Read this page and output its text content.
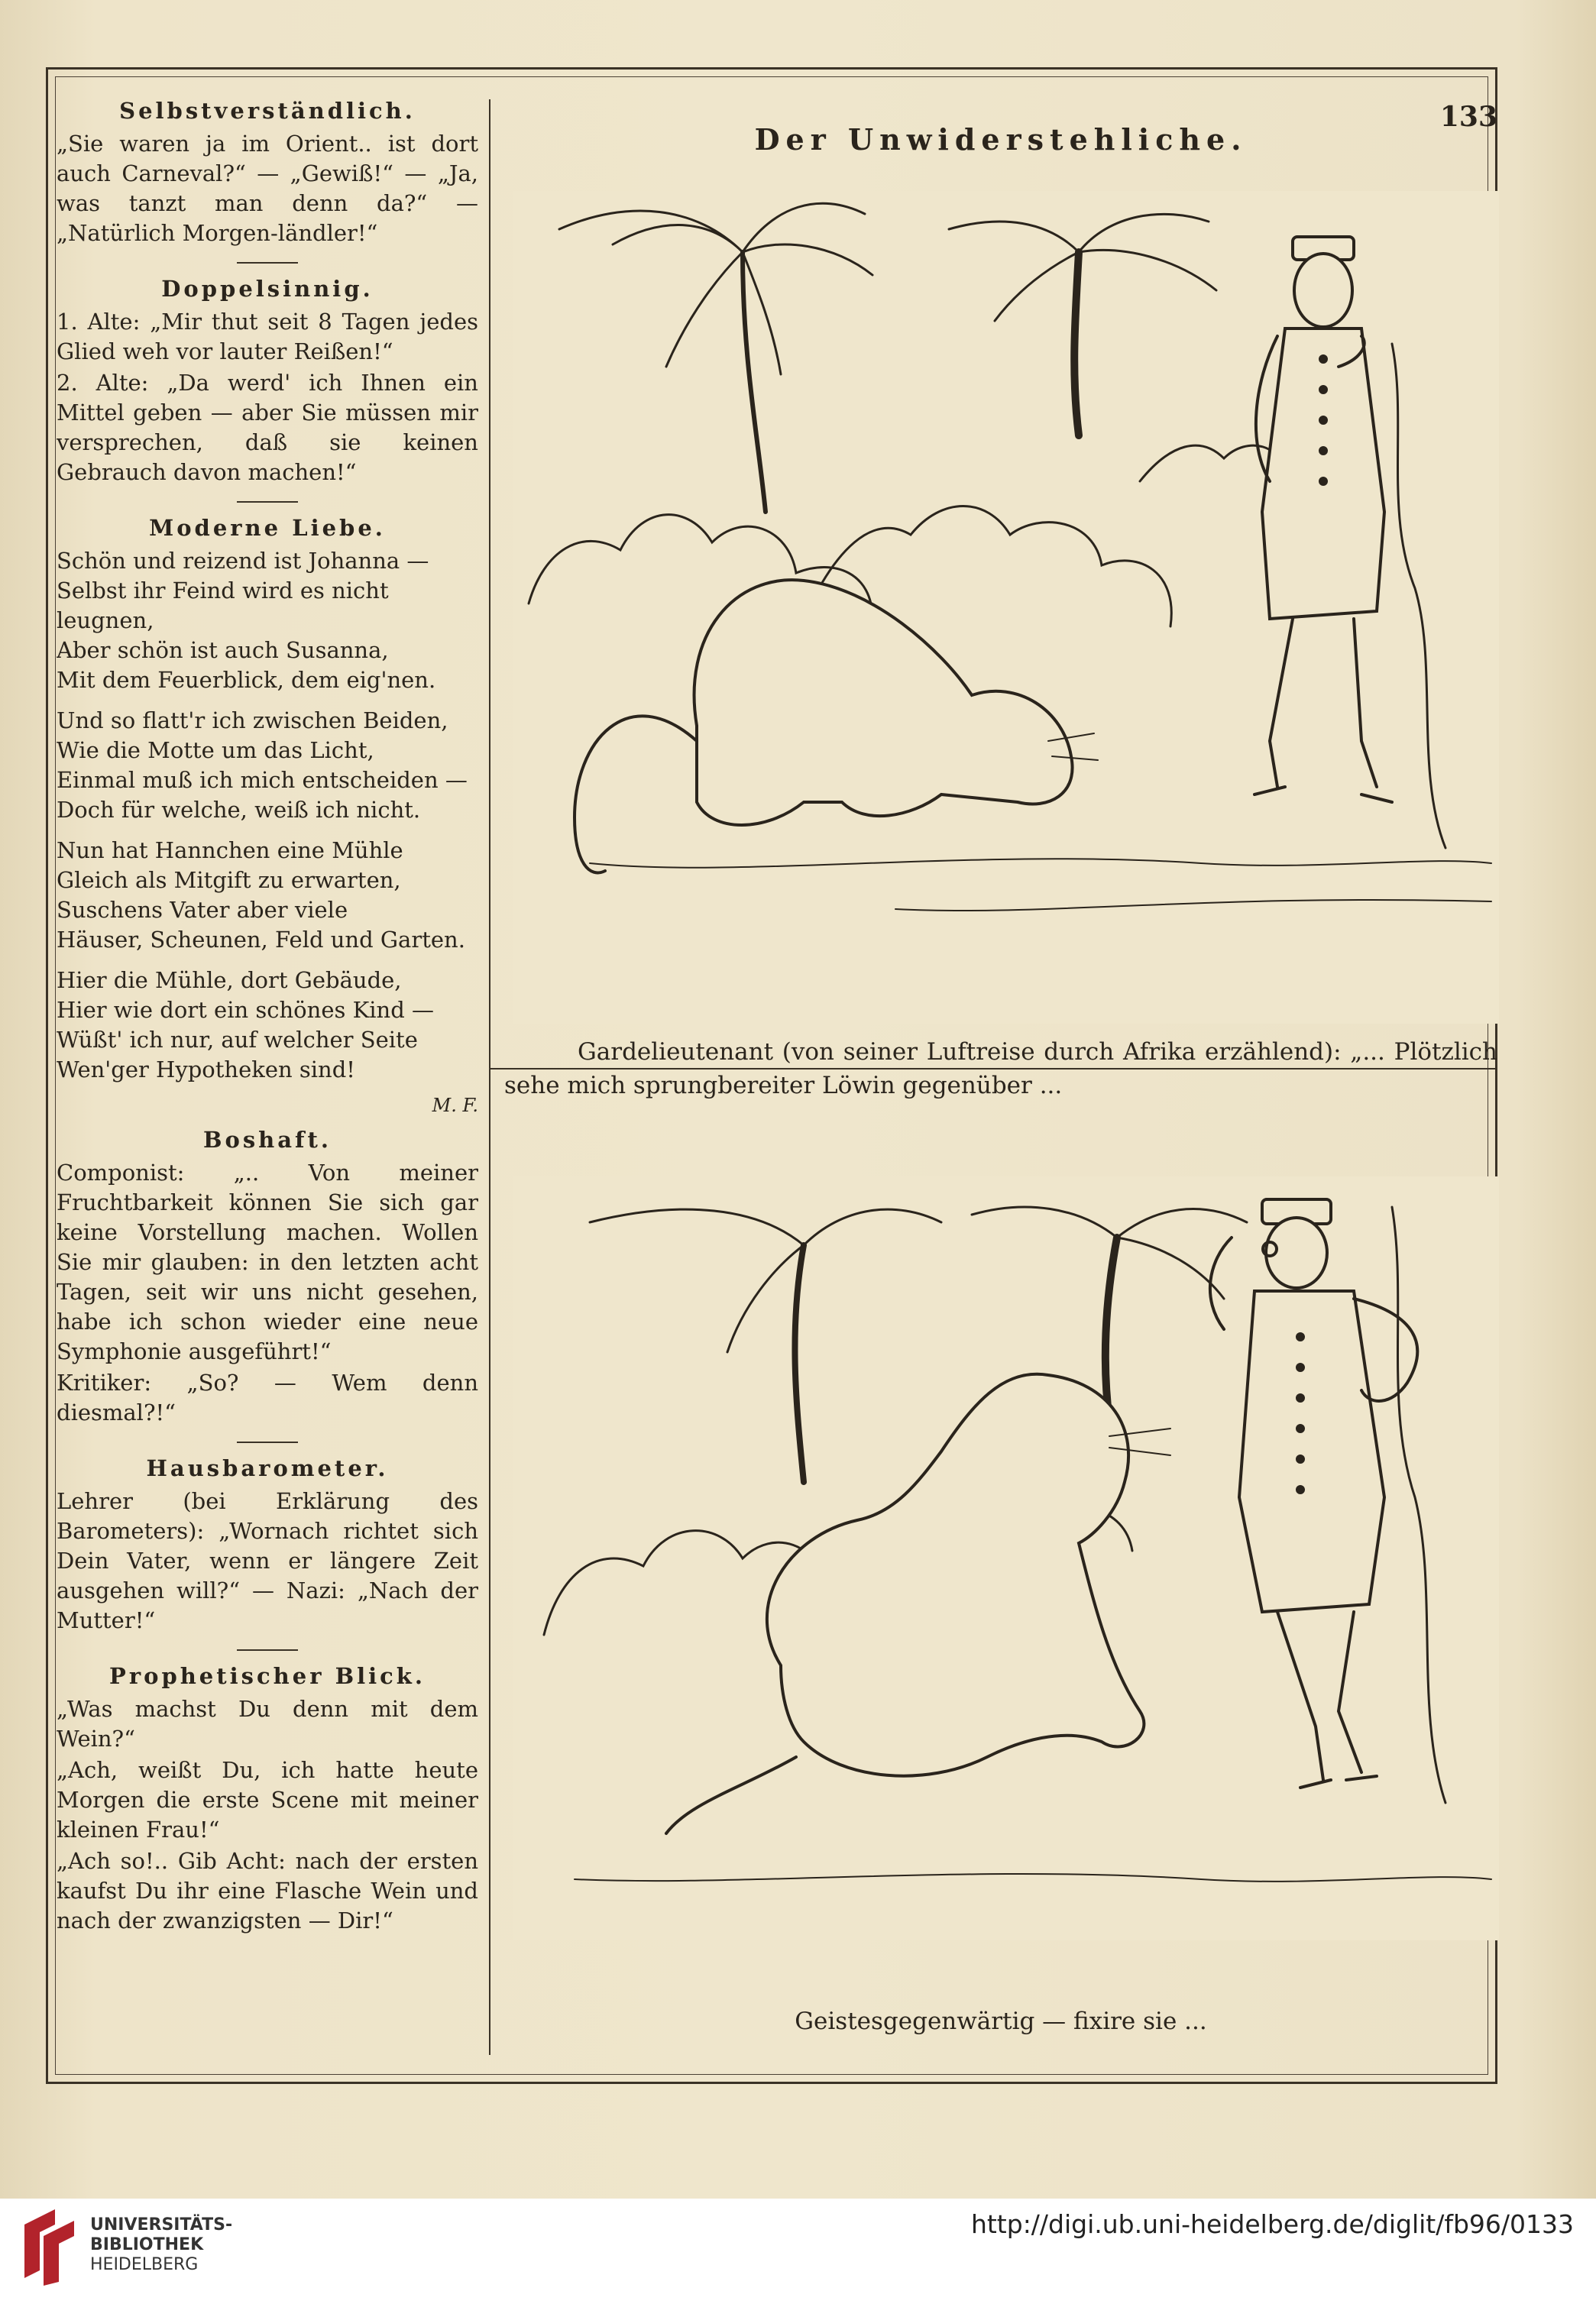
133
Selbstverständlich.

„Sie waren ja im Orient.. ist dort auch Carneval?“ — „Gewiß!“ — „Ja, was tanzt man denn da?“ — „Natürlich Morgen-ländler!“

Doppelsinnig.

1. Alte: „Mir thut seit 8 Tagen jedes Glied weh vor lauter Reißen!“

2. Alte: „Da werd' ich Ihnen ein Mittel geben — aber Sie müssen mir versprechen, daß sie keinen Gebrauch davon machen!“

Moderne Liebe.

Schön und reizend ist Johanna —

Selbst ihr Feind wird es nicht leugnen,

Aber schön ist auch Susanna,

Mit dem Feuerblick, dem eig'nen.

Und so flatt'r ich zwischen Beiden,

Wie die Motte um das Licht,

Einmal muß ich mich entscheiden —

Doch für welche, weiß ich nicht.

Nun hat Hannchen eine Mühle

Gleich als Mitgift zu erwarten,

Suschens Vater aber viele

Häuser, Scheunen, Feld und Garten.

Hier die Mühle, dort Gebäude,

Hier wie dort ein schönes Kind —

Wüßt' ich nur, auf welcher Seite

Wen'ger Hypotheken sind!

M. F.
Boshaft.

Componist: „.. Von meiner Fruchtbarkeit können Sie sich gar keine Vorstellung machen. Wollen Sie mir glauben: in den letzten acht Tagen, seit wir uns nicht gesehen, habe ich schon wieder eine neue Symphonie ausgeführt!“

Kritiker: „So? — Wem denn diesmal?!“

Hausbarometer.

Lehrer (bei Erklärung des Barometers): „Wornach richtet sich Dein Vater, wenn er längere Zeit ausgehen will?“ — Nazi: „Nach der Mutter!“

Prophetischer Blick.

„Was machst Du denn mit dem Wein?“

„Ach, weißt Du, ich hatte heute Morgen die erste Scene mit meiner kleinen Frau!“

„Ach so!.. Gib Acht: nach der ersten kaufst Du ihr eine Flasche Wein und nach der zwanzigsten — Dir!“

Der Unwiderstehliche.
Gardelieutenant (von seiner Luftreise durch Afrika erzählend): „... Plötzlich sehe mich sprungbereiter Löwin gegenüber ...
Geistesgegenwärtig — fixire sie ...
UNIVERSITÄTS-
BIBLIOTHEK
HEIDELBERG
http://digi.ub.uni-heidelberg.de/diglit/fb96/0133
